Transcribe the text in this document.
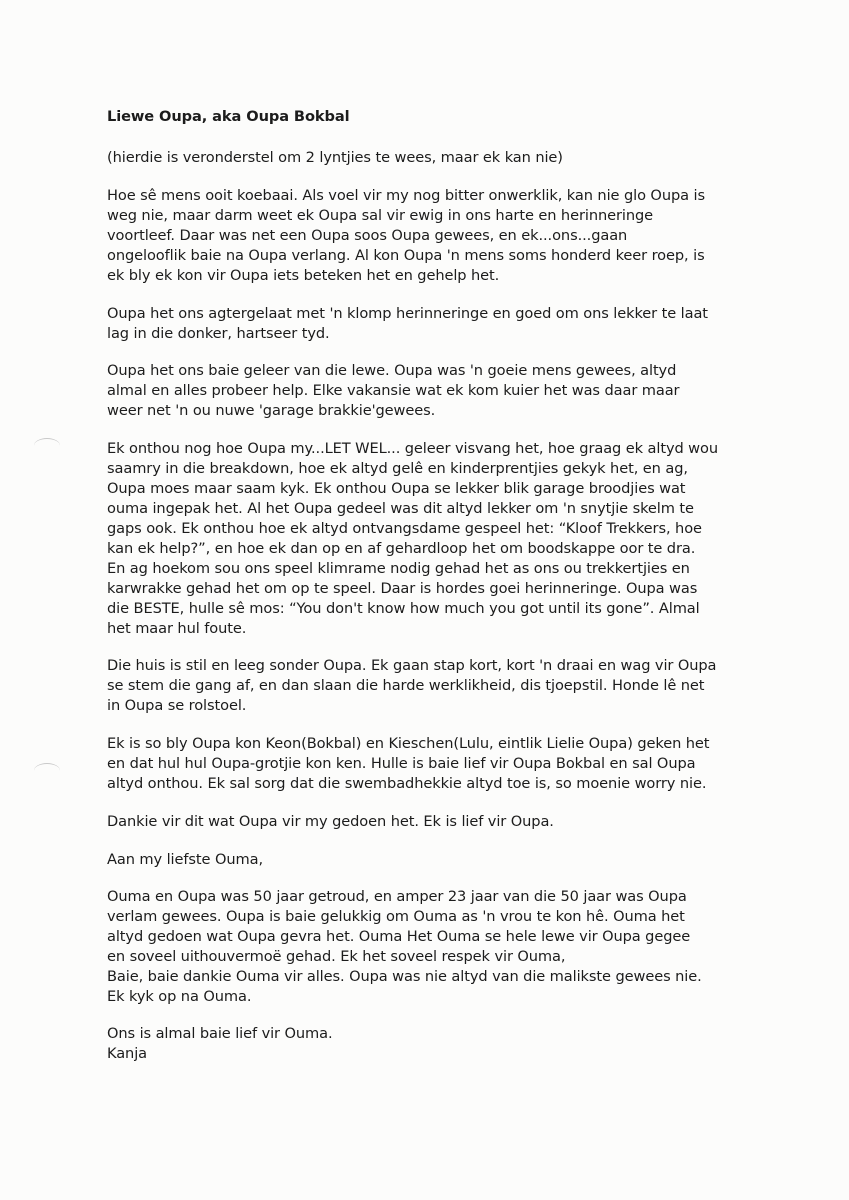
Liewe Oupa, aka Oupa Bokbal
(hierdie is veronderstel om 2 lyntjies te wees, maar ek kan nie)
Hoe sê mens ooit koebaai. Als voel vir my nog bitter onwerklik, kan nie glo Oupa is
weg nie, maar darm weet ek Oupa sal vir ewig in ons harte en herinneringe
voortleef. Daar was net een Oupa soos Oupa gewees, en ek...ons...gaan
ongelooflik baie na Oupa verlang. Al kon Oupa 'n mens soms honderd keer roep, is
ek bly ek kon vir Oupa iets beteken het en gehelp het.
Oupa het ons agtergelaat met 'n klomp herinneringe en goed om ons lekker te laat
lag in die donker, hartseer tyd.
Oupa het ons baie geleer van die lewe. Oupa was 'n goeie mens gewees, altyd
almal en alles probeer help. Elke vakansie wat ek kom kuier het was daar maar
weer net 'n ou nuwe 'garage brakkie'gewees.
Ek onthou nog hoe Oupa my...LET WEL... geleer visvang het, hoe graag ek altyd wou
saamry in die breakdown, hoe ek altyd gelê en kinderprentjies gekyk het, en ag,
Oupa moes maar saam kyk. Ek onthou Oupa se lekker blik garage broodjies wat
ouma ingepak het. Al het Oupa gedeel was dit altyd lekker om 'n snytjie skelm te
gaps ook. Ek onthou hoe ek altyd ontvangsdame gespeel het: “Kloof Trekkers, hoe
kan ek help?”, en hoe ek dan op en af gehardloop het om boodskappe oor te dra.
En ag hoekom sou ons speel klimrame nodig gehad het as ons ou trekkertjies en
karwrakke gehad het om op te speel. Daar is hordes goei herinneringe. Oupa was
die BESTE, hulle sê mos: “You don't know how much you got until its gone”. Almal
het maar hul foute.
Die huis is stil en leeg sonder Oupa. Ek gaan stap kort, kort 'n draai en wag vir Oupa
se stem die gang af, en dan slaan die harde werklikheid, dis tjoepstil. Honde lê net
in Oupa se rolstoel.
Ek is so bly Oupa kon Keon(Bokbal) en Kieschen(Lulu, eintlik Lielie Oupa) geken het
en dat hul hul Oupa-grotjie kon ken. Hulle is baie lief vir Oupa Bokbal en sal Oupa
altyd onthou. Ek sal sorg dat die swembadhekkie altyd toe is, so moenie worry nie.
Dankie vir dit wat Oupa vir my gedoen het. Ek is lief vir Oupa.
Aan my liefste Ouma,
Ouma en Oupa was 50 jaar getroud, en amper 23 jaar van die 50 jaar was Oupa
verlam gewees. Oupa is baie gelukkig om Ouma as 'n vrou te kon hê. Ouma het
altyd gedoen wat Oupa gevra het. Ouma Het Ouma se hele lewe vir Oupa gegee
en soveel uithouvermoë gehad. Ek het soveel respek vir Ouma,
Baie, baie dankie Ouma vir alles. Oupa was nie altyd van die malikste gewees nie.
Ek kyk op na Ouma.
Ons is almal baie lief vir Ouma.
Kanja
